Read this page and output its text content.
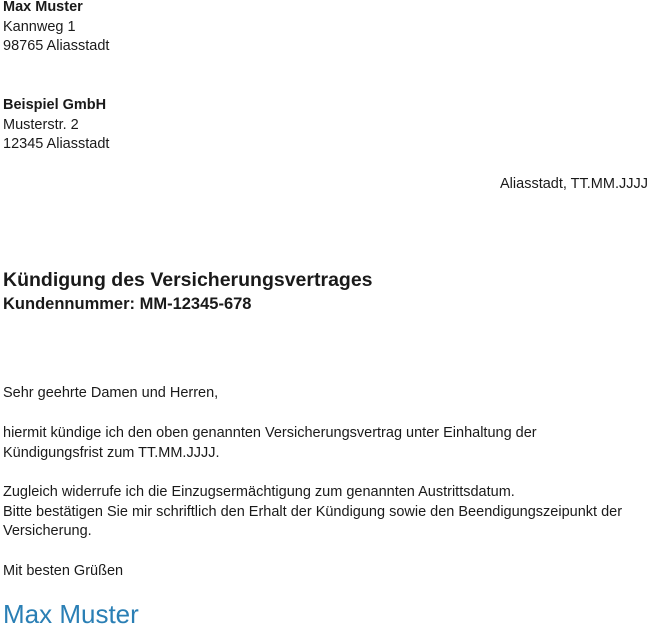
Max Muster
Kannweg 1
98765 Aliasstadt
Beispiel GmbH
Musterstr. 2
12345 Aliasstadt
Aliasstadt, TT.MM.JJJJ
Kündigung des Versicherungsvertrages
Kundennummer: MM-12345-678
Sehr geehrte Damen und Herren,
hiermit kündige ich den oben genannten Versicherungsvertrag unter Einhaltung der
Kündigungsfrist zum TT.MM.JJJJ.
Zugleich widerrufe ich die Einzugsermächtigung zum genannten Austrittsdatum.
Bitte bestätigen Sie mir schriftlich den Erhalt der Kündigung sowie den Beendigungszeipunkt der
Versicherung.
Mit besten Grüßen
Max Muster
